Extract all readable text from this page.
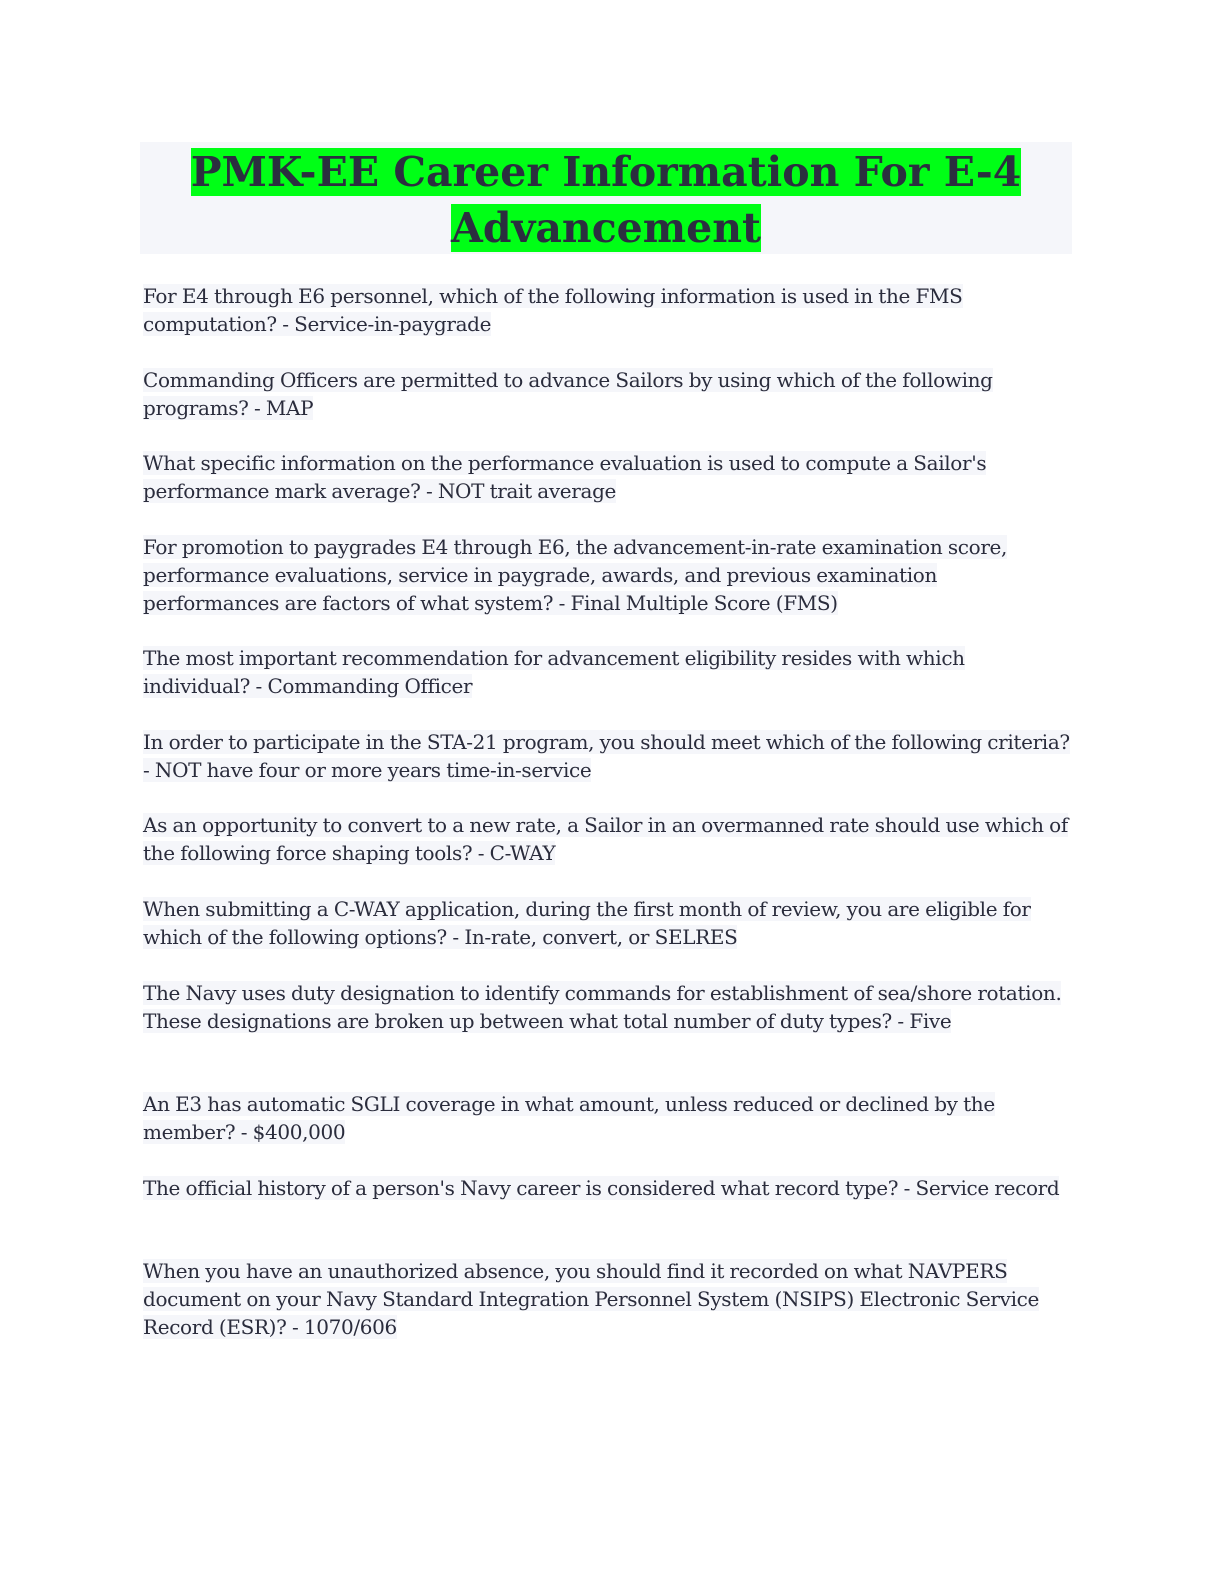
PMK-EE Career Information For E-4
Advancement
For E4 through E6 personnel, which of the following information is used in the FMS computation? - Service-in-paygrade
Commanding Officers are permitted to advance Sailors by using which of the following programs? - MAP
What specific information on the performance evaluation is used to compute a Sailor's performance mark average? - NOT trait average
For promotion to paygrades E4 through E6, the advancement-in-rate examination score, performance evaluations, service in paygrade, awards, and previous examination performances are factors of what system? - Final Multiple Score (FMS)
The most important recommendation for advancement eligibility resides with which individual? - Commanding Officer
In order to participate in the STA-21 program, you should meet which of the following criteria? - NOT have four or more years time-in-service
As an opportunity to convert to a new rate, a Sailor in an overmanned rate should use which of the following force shaping tools? - C-WAY
When submitting a C-WAY application, during the first month of review, you are eligible for which of the following options? - In-rate, convert, or SELRES
The Navy uses duty designation to identify commands for establishment of sea/shore rotation. These designations are broken up between what total number of duty types? - Five
An E3 has automatic SGLI coverage in what amount, unless reduced or declined by the member? - $400,000
The official history of a person's Navy career is considered what record type? - Service record
When you have an unauthorized absence, you should find it recorded on what NAVPERS document on your Navy Standard Integration Personnel System (NSIPS) Electronic Service Record (ESR)? - 1070/606
